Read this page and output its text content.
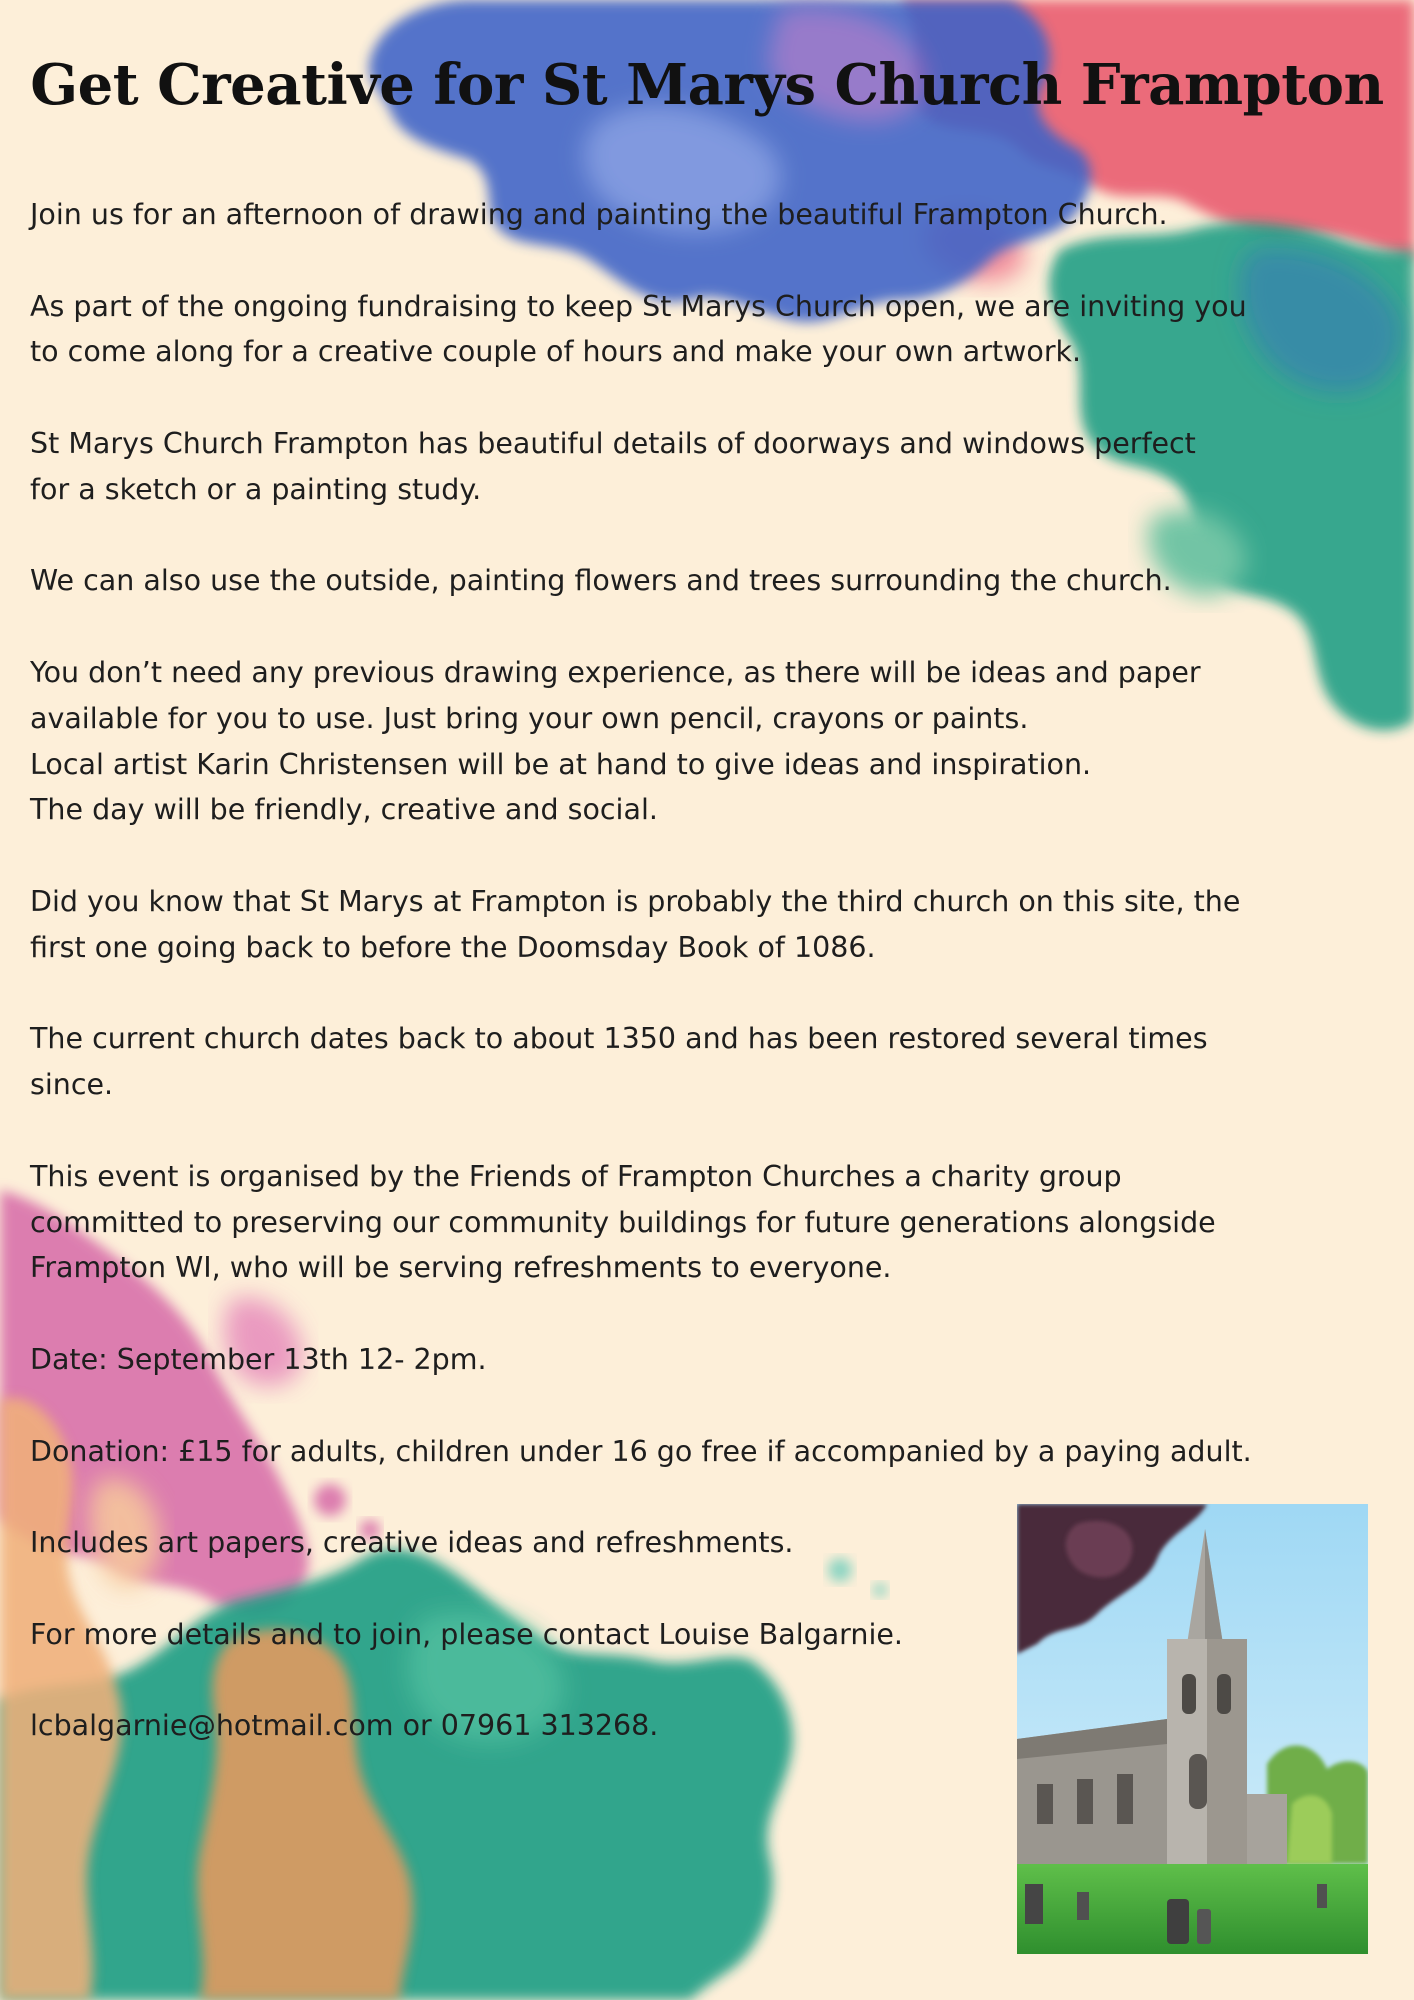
Get Creative for St Marys Church Frampton

Join us for an afternoon of drawing and painting the beautiful Frampton Church.

As part of the ongoing fundraising to keep St Marys Church open, we are inviting you
to come along for a creative couple of hours and make your own artwork.

St Marys Church Frampton has beautiful details of doorways and windows perfect
for a sketch or a painting study.

We can also use the outside, painting flowers and trees surrounding the church.

You don’t need any previous drawing experience, as there will be ideas and paper
available for you to use. Just bring your own pencil, crayons or paints.
Local artist Karin Christensen will be at hand to give ideas and inspiration.
The day will be friendly, creative and social.

Did you know that St Marys at Frampton is probably the third church on this site, the
first one going back to before the Doomsday Book of 1086.

The current church dates back to about 1350 and has been restored several times
since.

This event is organised by the Friends of Frampton Churches a charity group
committed to preserving our community buildings for future generations alongside
Frampton WI, who will be serving refreshments to everyone.

Date: September 13th 12- 2pm.

Donation: £15 for adults, children under 16 go free if accompanied by a paying adult.

Includes art papers, creative ideas and refreshments.

For more details and to join, please contact Louise Balgarnie.

lcbalgarnie@hotmail.com or 07961 313268.
